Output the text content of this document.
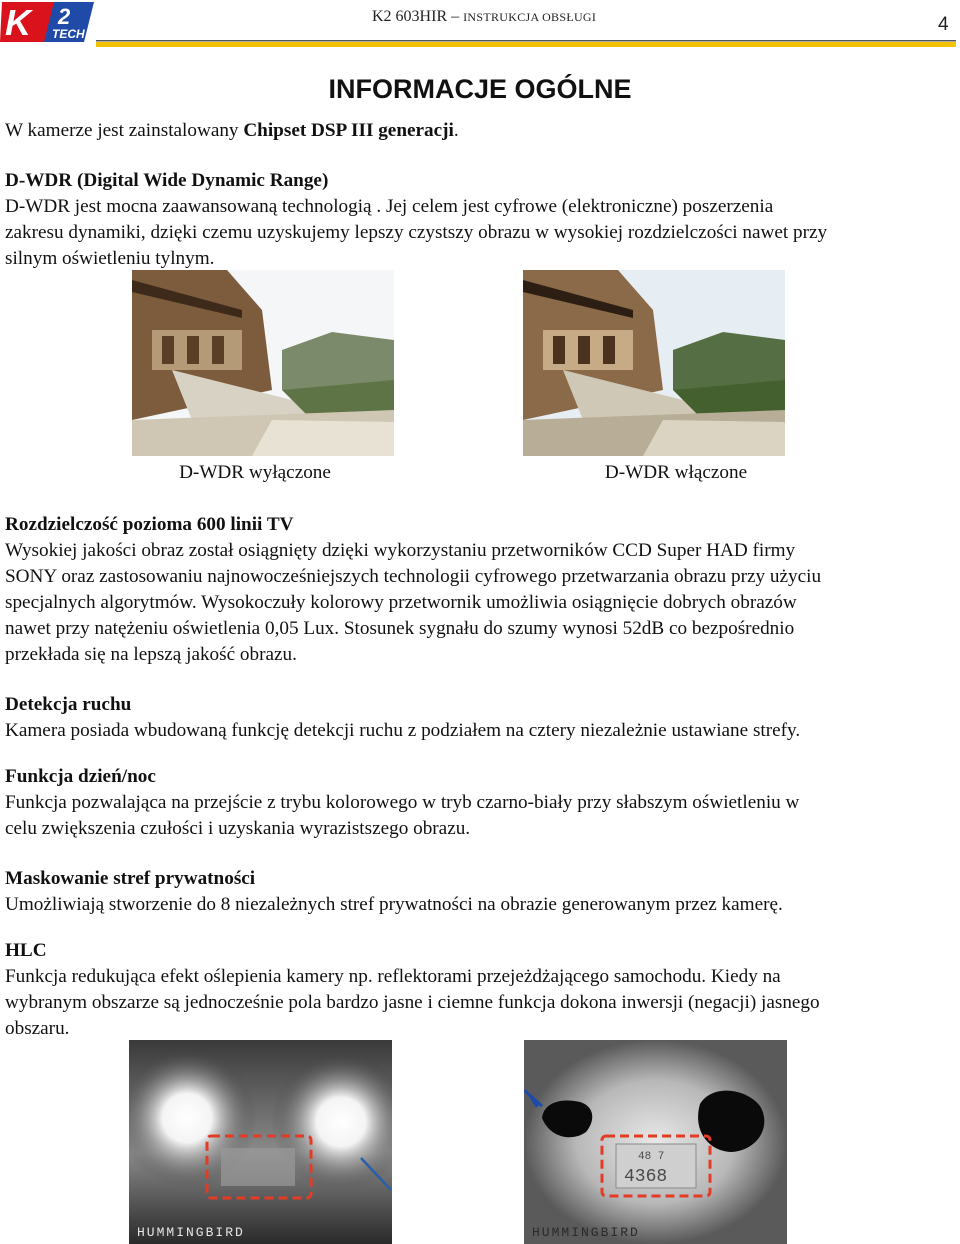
K 2
TECH
K2 603HIR – INSTRUKCJA OBSŁUGI	4
INFORMACJE OGÓLNE
W kamerze jest zainstalowany Chipset DSP III generacji.
D-WDR (Digital Wide Dynamic Range)
D-WDR jest mocna zaawansowaną technologią . Jej celem jest cyfrowe (elektroniczne) poszerzenia
zakresu dynamiki, dzięki czemu uzyskujemy lepszy czystszy obrazu w wysokiej rozdzielczości nawet przy
silnym oświetleniu tylnym.
D-WDR wyłączone	D-WDR włączone
Rozdzielczość pozioma 600 linii TV
Wysokiej jakości obraz został osiągnięty dzięki wykorzystaniu przetworników CCD Super HAD firmy
SONY oraz zastosowaniu najnowocześniejszych technologii cyfrowego przetwarzania obrazu przy użyciu
specjalnych algorytmów. Wysokoczuły kolorowy przetwornik umożliwia osiągnięcie dobrych obrazów
nawet przy natężeniu oświetlenia 0,05 Lux. Stosunek sygnału do szumy wynosi 52dB co bezpośrednio
przekłada się na lepszą jakość obrazu.
Detekcja ruchu
Kamera posiada wbudowaną funkcję detekcji ruchu z podziałem na cztery niezależnie ustawiane strefy.
Funkcja dzień/noc
Funkcja pozwalająca na przejście z trybu kolorowego w tryb czarno-biały przy słabszym oświetleniu w
celu zwiększenia czułości i uzyskania wyrazistszego obrazu.
Maskowanie stref prywatności
Umożliwiają stworzenie do 8 niezależnych stref prywatności na obrazie generowanym przez kamerę.
HLC
Funkcja redukująca efekt oślepienia kamery np. reflektorami przejeżdżającego samochodu. Kiedy na
wybranym obszarze są jednocześnie pola bardzo jasne i ciemne funkcja dokona inwersji (negacji) jasnego
obszaru.
HUMMINGBIRD
48 7
4368
HUMMINGBIRD
